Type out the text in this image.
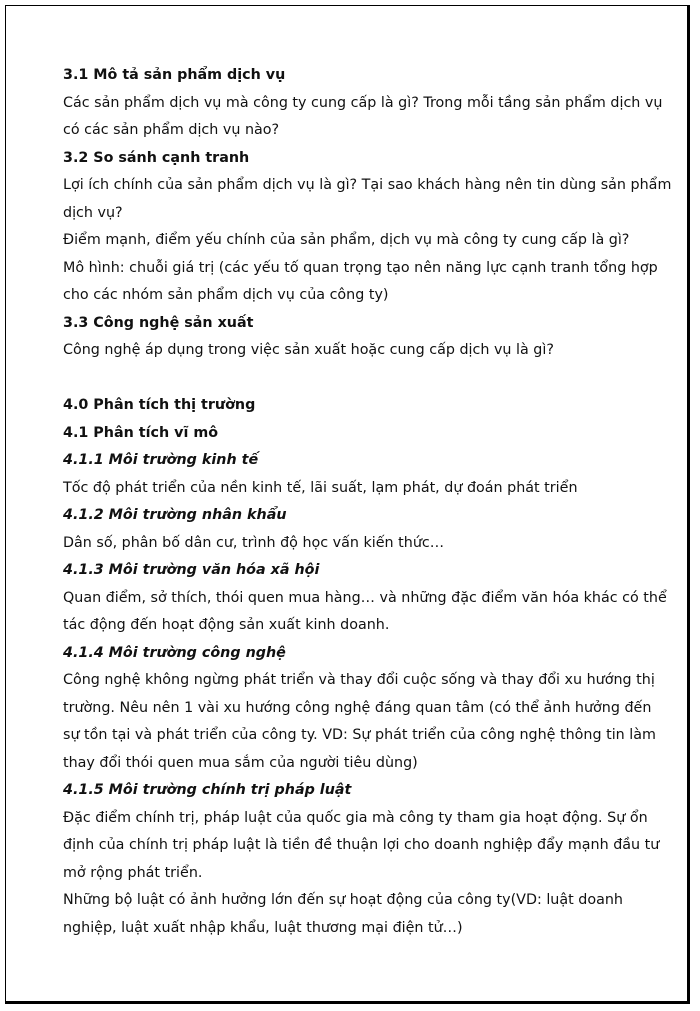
3.1 Mô tả sản phẩm dịch vụ
Các sản phẩm dịch vụ mà công ty cung cấp là gì? Trong mỗi tầng sản phẩm dịch vụ
có các sản phẩm dịch vụ nào?
3.2 So sánh cạnh tranh
Lợi ích chính của sản phẩm dịch vụ là gì? Tại sao khách hàng nên tin dùng sản phẩm
dịch vụ?
Điểm mạnh, điểm yếu chính của sản phẩm, dịch vụ mà công ty cung cấp là gì?
Mô hình: chuỗi giá trị (các yếu tố quan trọng tạo nên năng lực cạnh tranh tổng hợp
cho các nhóm sản phẩm dịch vụ của công ty)
3.3 Công nghệ sản xuất
Công nghệ áp dụng trong việc sản xuất hoặc cung cấp dịch vụ là gì?
4.0 Phân tích thị trường
4.1 Phân tích vĩ mô
4.1.1 Môi trường kinh tế
Tốc độ phát triển của nền kinh tế, lãi suất, lạm phát, dự đoán phát triển
4.1.2 Môi trường nhân khẩu
Dân số, phân bố dân cư, trình độ học vấn kiến thức…
4.1.3 Môi trường văn hóa xã hội
Quan điểm, sở thích, thói quen mua hàng… và những đặc điểm văn hóa khác có thể
tác động đến hoạt động sản xuất kinh doanh.
4.1.4 Môi trường công nghệ
Công nghệ không ngừng phát triển và thay đổi cuộc sống và thay đổi xu hướng thị
trường. Nêu nên 1 vài xu hướng công nghệ đáng quan tâm (có thể ảnh hưởng đến
sự tồn tại và phát triển của công ty. VD: Sự phát triển của công nghệ thông tin làm
thay đổi thói quen mua sắm của người tiêu dùng)
4.1.5 Môi trường chính trị pháp luật
Đặc điểm chính trị, pháp luật của quốc gia mà công ty tham gia hoạt động. Sự ổn
định của chính trị pháp luật là tiền đề thuận lợi cho doanh nghiệp đẩy mạnh đầu tư
mở rộng phát triển.
Những bộ luật có ảnh hưởng lớn đến sự hoạt động của công ty(VD: luật doanh
nghiệp, luật xuất nhập khẩu, luật thương mại điện tử…)
